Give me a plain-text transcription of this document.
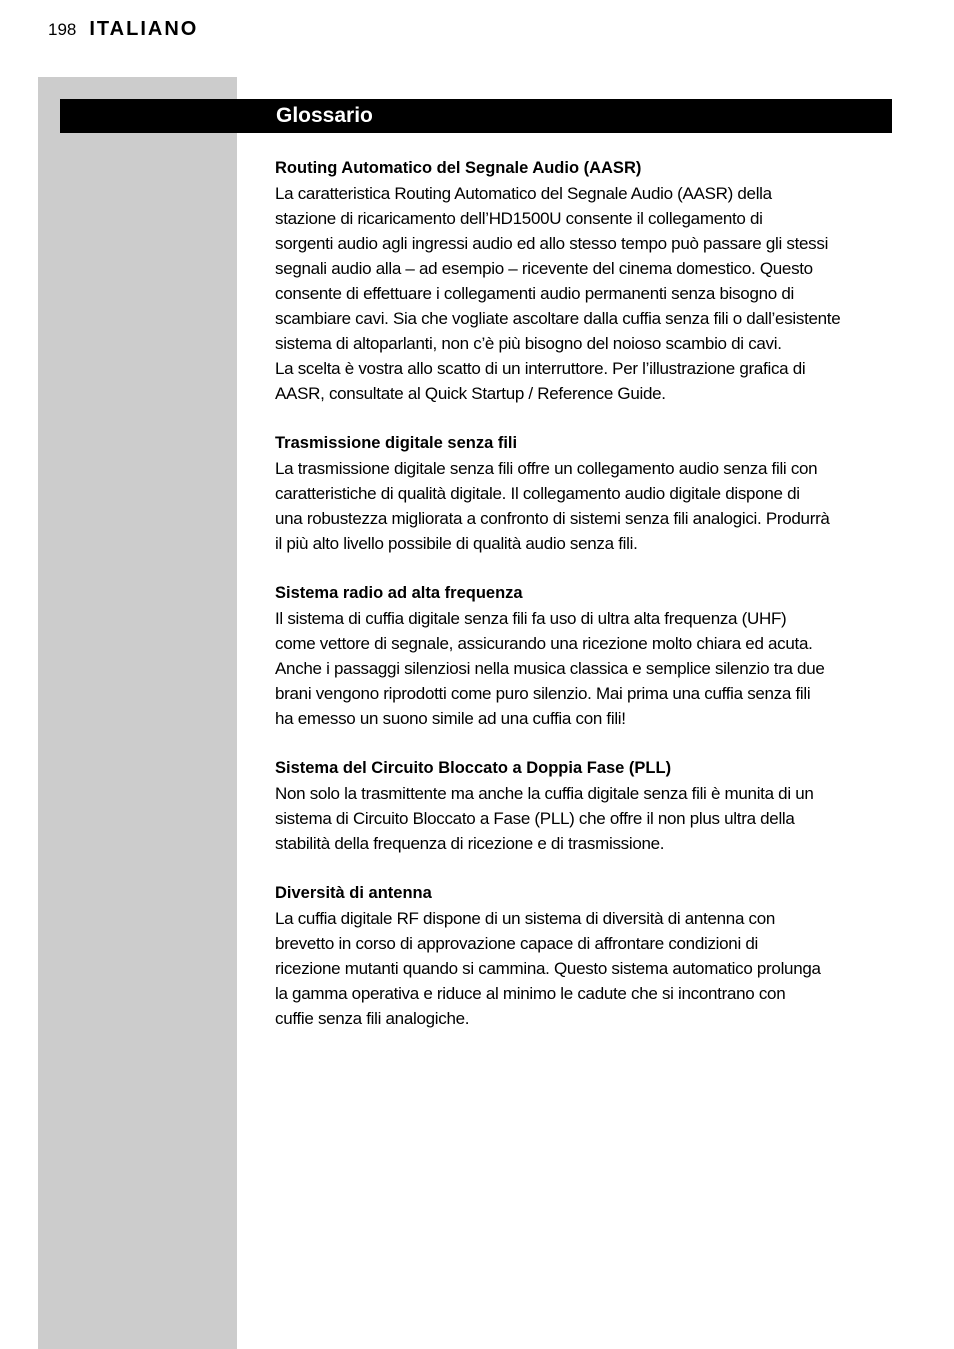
198 ITALIANO
Glossario
Routing Automatico del Segnale Audio (AASR)
La caratteristica Routing Automatico del Segnale Audio (AASR) della
stazione di ricaricamento dell’HD1500U consente il collegamento di
sorgenti audio agli ingressi audio ed allo stesso tempo può passare gli stessi
segnali audio alla – ad esempio – ricevente del cinema domestico. Questo
consente di effettuare i collegamenti audio permanenti senza bisogno di
scambiare cavi. Sia che vogliate ascoltare dalla cuffia senza fili o dall’esistente
sistema di altoparlanti, non c’è più bisogno del noioso scambio di cavi.
La scelta è vostra allo scatto di un interruttore. Per l’illustrazione grafica di
AASR, consultate al Quick Startup / Reference Guide.
Trasmissione digitale senza fili
La trasmissione digitale senza fili offre un collegamento audio senza fili con
caratteristiche di qualità digitale. Il collegamento audio digitale dispone di
una robustezza migliorata a confronto di sistemi senza fili analogici. Produrrà
il più alto livello possibile di qualità audio senza fili.
Sistema radio ad alta frequenza
Il sistema di cuffia digitale senza fili fa uso di ultra alta frequenza (UHF)
come vettore di segnale, assicurando una ricezione molto chiara ed acuta.
Anche i passaggi silenziosi nella musica classica e semplice silenzio tra due
brani vengono riprodotti come puro silenzio. Mai prima una cuffia senza fili
ha emesso un suono simile ad una cuffia con fili!
Sistema del Circuito Bloccato a Doppia Fase (PLL)
Non solo la trasmittente ma anche la cuffia digitale senza fili è munita di un
sistema di Circuito Bloccato a Fase (PLL) che offre il non plus ultra della
stabilità della frequenza di ricezione e di trasmissione.
Diversità di antenna
La cuffia digitale RF dispone di un sistema di diversità di antenna con
brevetto in corso di approvazione capace di affrontare condizioni di
ricezione mutanti quando si cammina. Questo sistema automatico prolunga
la gamma operativa e riduce al minimo le cadute che si incontrano con
cuffie senza fili analogiche.
